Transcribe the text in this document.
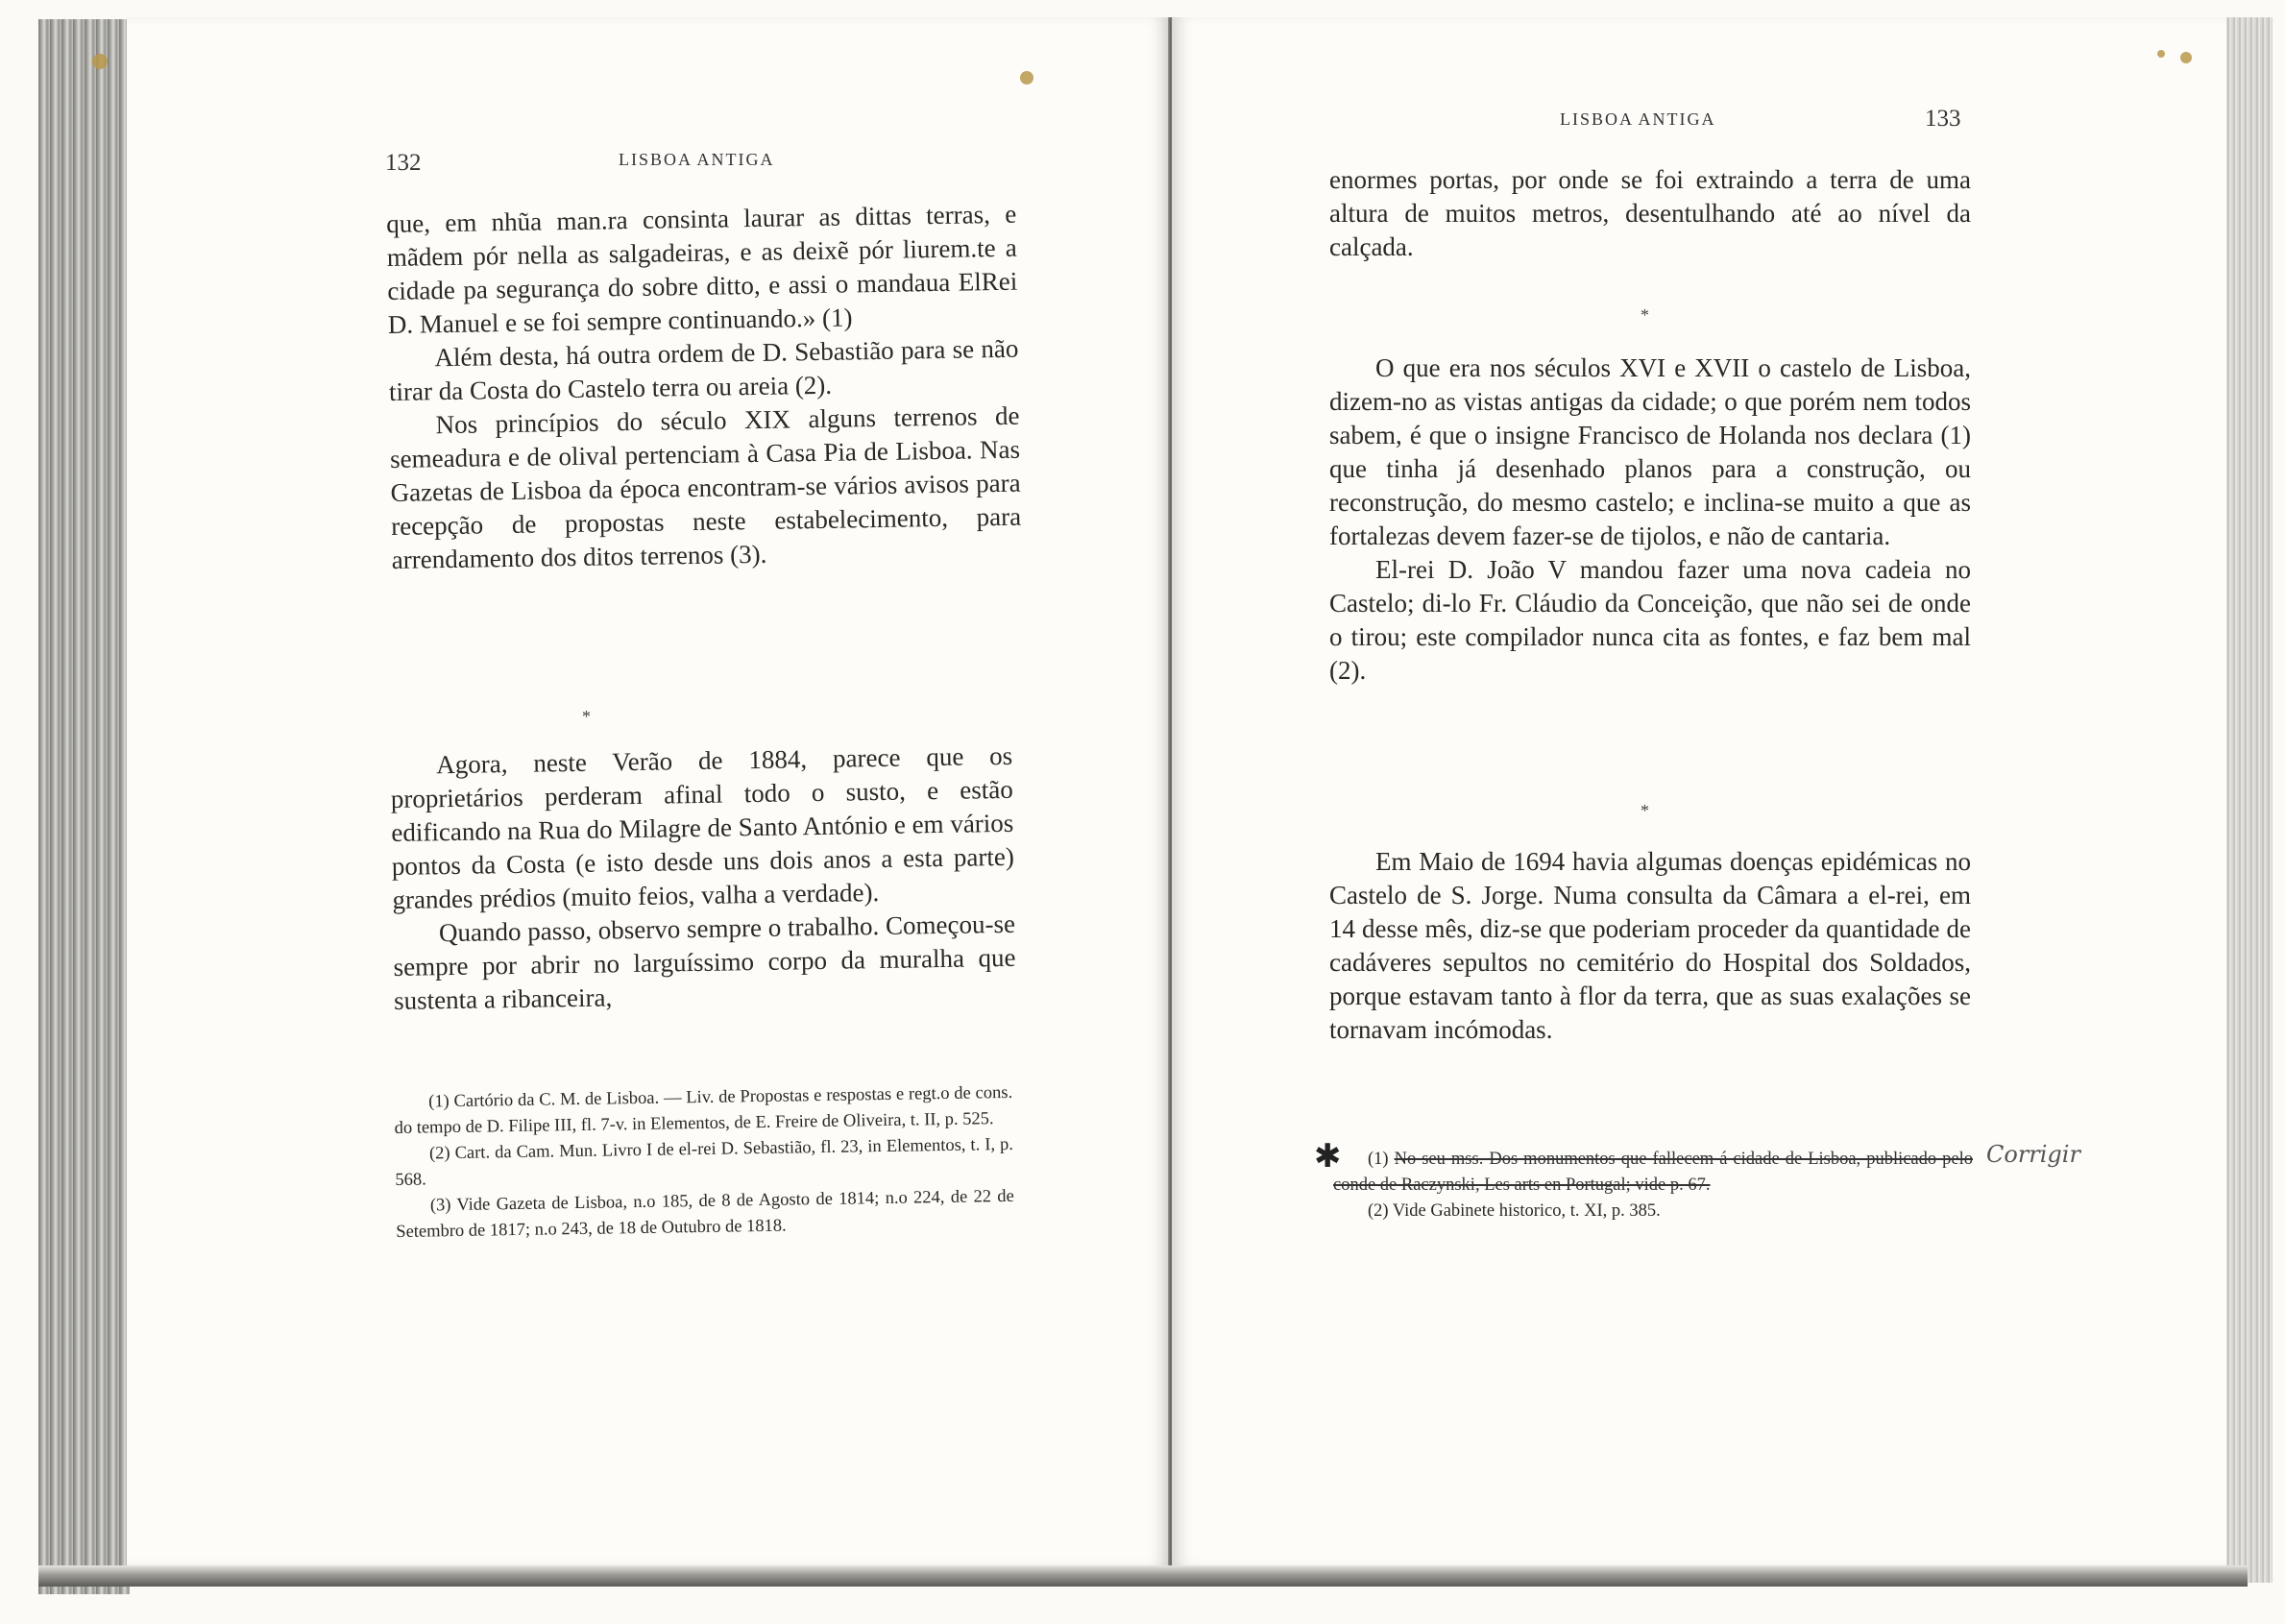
132	LISBOA ANTIGA

que, em nhũa man.ra consinta laurar as dittas terras, e mãdem pór nella as salgadeiras, e as deixẽ pór liurem.te a cidade pa segurança do sobre ditto, e assi o mandaua ElRei D. Manuel e se foi sempre continuando.» (1)

Além desta, há outra ordem de D. Sebastião para se não tirar da Costa do Castelo terra ou areia (2).

Nos princípios do século XIX alguns terrenos de semeadura e de olival pertenciam à Casa Pia de Lisboa. Nas Gazetas de Lisboa da época encontram-se vários avisos para recepção de propostas neste estabelecimento, para arrendamento dos ditos terrenos (3).

*

Agora, neste Verão de 1884, parece que os proprietários perderam afinal todo o susto, e estão edificando na Rua do Milagre de Santo António e em vários pontos da Costa (e isto desde uns dois anos a esta parte) grandes prédios (muito feios, valha a verdade).

Quando passo, observo sempre o trabalho. Começou-se sempre por abrir no larguíssimo corpo da muralha que sustenta a ribanceira,

(1) Cartório da C. M. de Lisboa. — Liv. de Propostas e respostas e regt.o de cons. do tempo de D. Filipe III, fl. 7-v. in Elementos, de E. Freire de Oliveira, t. II, p. 525.

(2) Cart. da Cam. Mun. Livro I de el-rei D. Sebastião, fl. 23, in Elementos, t. I, p. 568.

(3) Vide Gazeta de Lisboa, n.o 185, de 8 de Agosto de 1814; n.o 224, de 22 de Setembro de 1817; n.o 243, de 18 de Outubro de 1818.

LISBOA ANTIGA	133

enormes portas, por onde se foi extraindo a terra de uma altura de muitos metros, desentulhando até ao nível da calçada.

*

O que era nos séculos XVI e XVII o castelo de Lisboa, dizem-no as vistas antigas da cidade; o que porém nem todos sabem, é que o insigne Francisco de Holanda nos declara (1) que tinha já desenhado planos para a construção, ou reconstrução, do mesmo castelo; e inclina-se muito a que as fortalezas devem fazer-se de tijolos, e não de cantaria.

El-rei D. João V mandou fazer uma nova cadeia no Castelo; di-lo Fr. Cláudio da Conceição, que não sei de onde o tirou; este compilador nunca cita as fontes, e faz bem mal (2).

*

Em Maio de 1694 havia algumas doenças epidémicas no Castelo de S. Jorge. Numa consulta da Câmara a el-rei, em 14 desse mês, diz-se que poderiam proceder da quantidade de cadáveres sepultos no cemitério do Hospital dos Soldados, porque estavam tanto à flor da terra, que as suas exalações se tornavam incómodas.

✱	Corrigir

(1) No seu mss. Dos monumentos que fallecem á cidade de Lisboa, publicado pelo conde de Raczynski, Les arts en Portugal; vide p. 67.

(2) Vide Gabinete historico, t. XI, p. 385.
